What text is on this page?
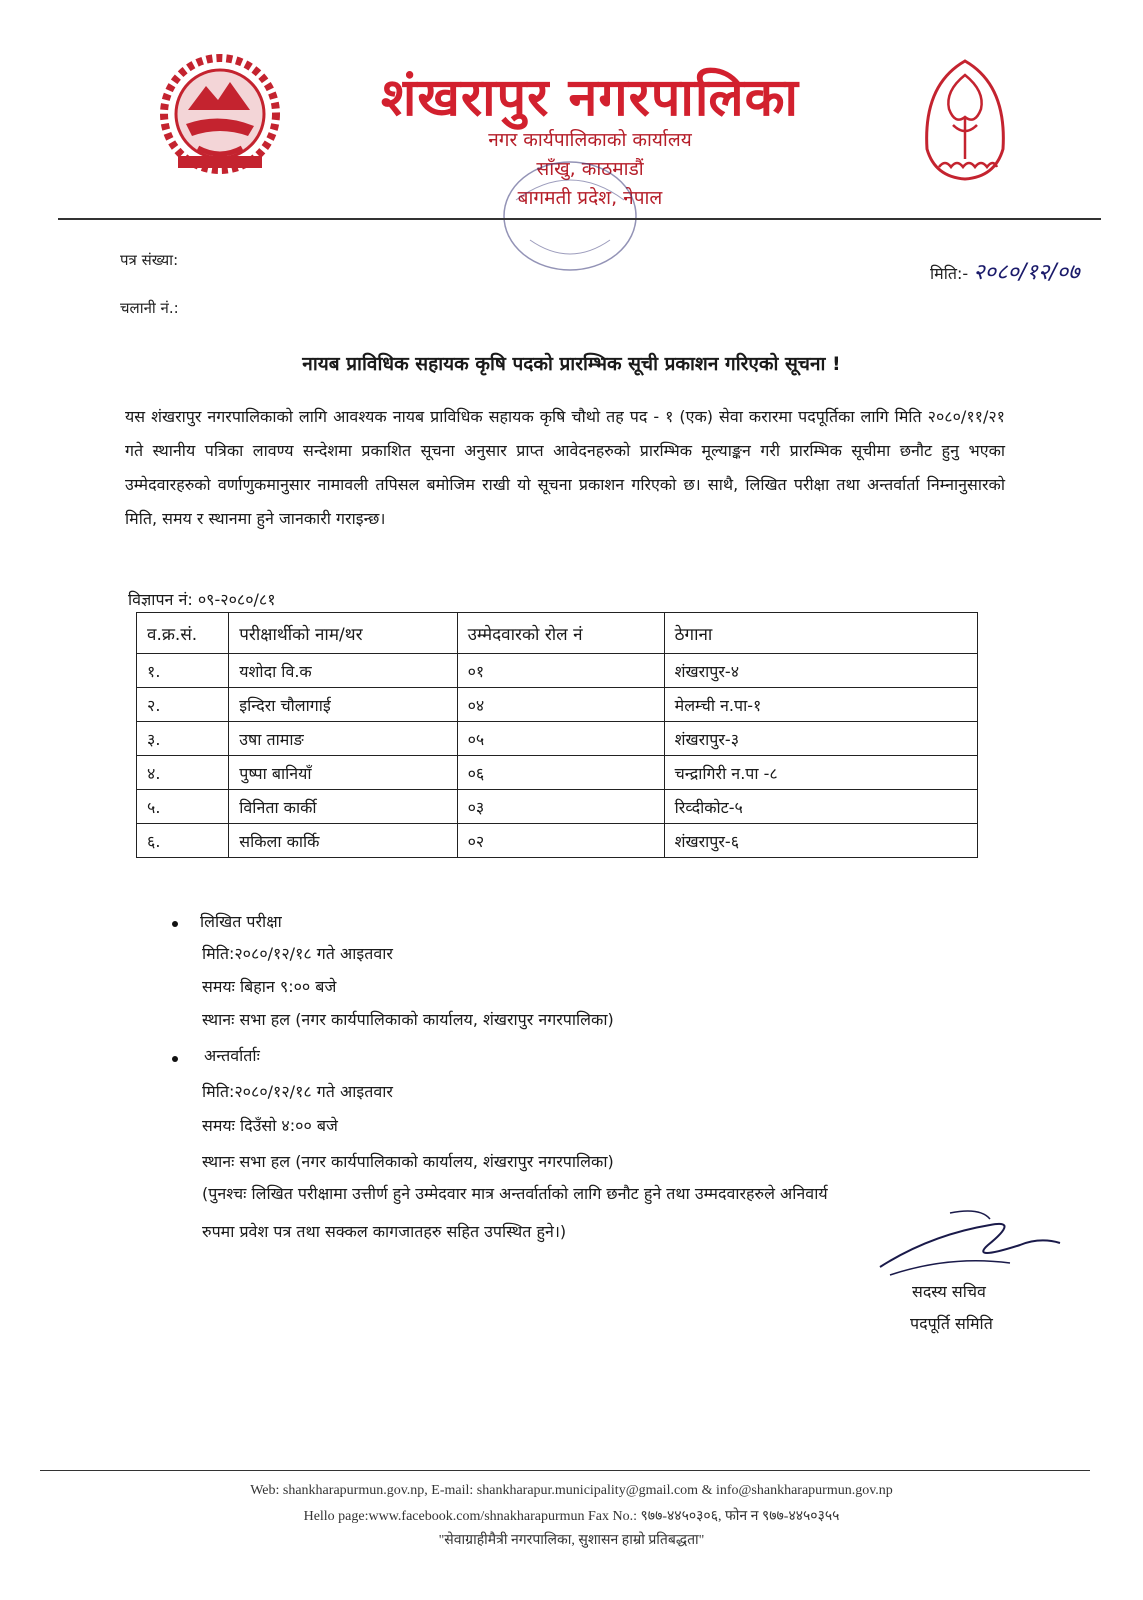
शंखरापुर नगरपालिका
नगर कार्यपालिकाको कार्यालय
साँखु, काठमाडौं
बागमती प्रदेश, नेपाल
पत्र संख्या:
चलानी नं.:
मिति:- २०८०/१२/०७
नायब प्राविधिक सहायक कृषि पदको प्रारम्भिक सूची प्रकाशन गरिएको सूचना !
यस शंखरापुर नगरपालिकाको लागि आवश्यक नायब प्राविधिक सहायक कृषि चौथो तह पद - १ (एक) सेवा करारमा पदपूर्तिका लागि मिति २०८०/११/२१ गते स्थानीय पत्रिका लावण्य सन्देशमा प्रकाशित सूचना अनुसार प्राप्त आवेदनहरुको प्रारम्भिक मूल्याङ्कन गरी प्रारम्भिक सूचीमा छनौट हुनु भएका उम्मेदवारहरुको वर्णाणुकमानुसार नामावली तपिसल बमोजिम राखी यो सूचना प्रकाशन गरिएको छ। साथै, लिखित परीक्षा तथा अन्तर्वार्ता निम्नानुसारको मिति, समय र स्थानमा हुने जानकारी गराइन्छ।
विज्ञापन नं: ०९-२०८०/८१
व.क्र.सं.	परीक्षार्थीको नाम/थर	उम्मेदवारको रोल नं	ठेगाना
१.	यशोदा वि.क	०१	शंखरापुर-४
२.	इन्दिरा चौलागाई	०४	मेलम्ची न.पा-१
३.	उषा तामाङ	०५	शंखरापुर-३
४.	पुष्पा बानियाँ	०६	चन्द्रागिरी न.पा -८
५.	विनिता कार्की	०३	रिव्दीकोट-५
६.	सकिला कार्कि	०२	शंखरापुर-६
लिखित परीक्षा
मिति:२०८०/१२/१८ गते आइतवार
समयः बिहान ९:०० बजे
स्थानः सभा हल (नगर कार्यपालिकाको कार्यालय, शंखरापुर नगरपालिका)
अन्तर्वार्ताः
मिति:२०८०/१२/१८ गते आइतवार
समयः दिउँसो ४:०० बजे
स्थानः सभा हल (नगर कार्यपालिकाको कार्यालय, शंखरापुर नगरपालिका)
(पुनश्चः लिखित परीक्षामा उत्तीर्ण हुने उम्मेदवार मात्र अन्तर्वार्ताको लागि छनौट हुने तथा उम्मदवारहरुले अनिवार्य
रुपमा प्रवेश पत्र तथा सक्कल कागजातहरु सहित उपस्थित हुने।)
सदस्य सचिव
पदपूर्ति समिति
Web: shankharapurmun.gov.np, E-mail: shankharapur.municipality@gmail.com & info@shankharapurmun.gov.np
Hello page:www.facebook.com/shnakharapurmun Fax No.: ९७७-४४५०३०६, फोन न ९७७-४४५०३५५
"सेवाग्राहीमैत्री नगरपालिका, सुशासन हाम्रो प्रतिबद्धता"
